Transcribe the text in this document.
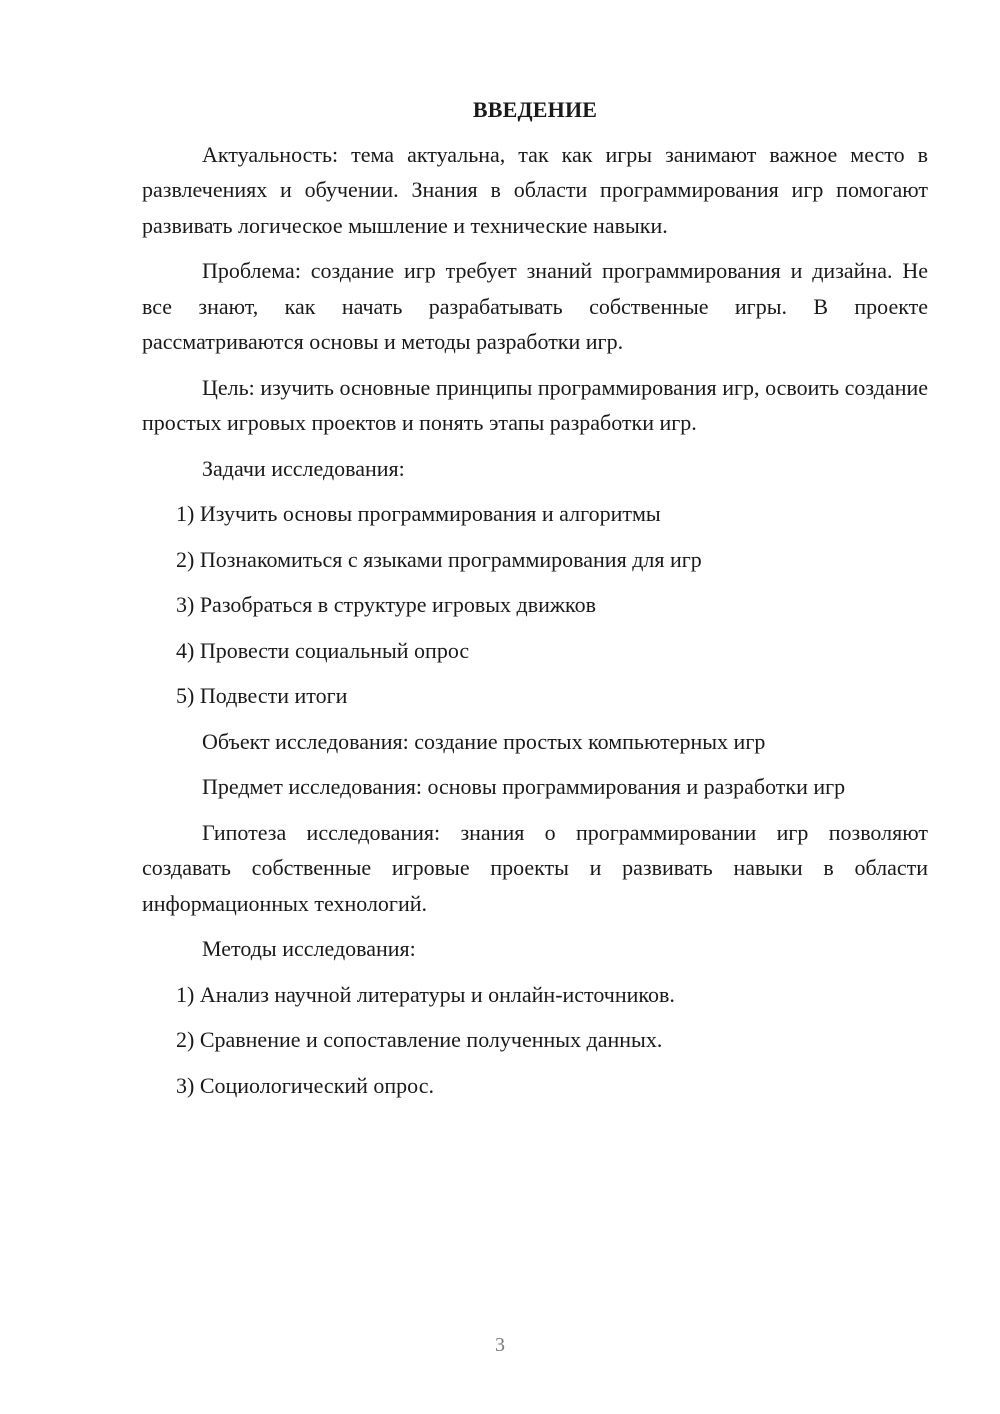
ВВЕДЕНИЕ

Актуальность: тема актуальна, так как игры занимают важное место в развлечениях и обучении. Знания в области программирования игр помогают развивать логическое мышление и технические навыки.

Проблема: создание игр требует знаний программирования и дизайна. Не все знают, как начать разрабатывать собственные игры. В проекте рассматриваются основы и методы разработки игр.

Цель: изучить основные принципы программирования игр, освоить создание простых игровых проектов и понять этапы разработки игр.

Задачи исследования:
1) Изучить основы программирования и алгоритмы
2) Познакомиться с языками программирования для игр
3) Разобраться в структуре игровых движков
4) Провести социальный опрос
5) Подвести итоги
Объект исследования: создание простых компьютерных игр

Предмет исследования: основы программирования и разработки игр

Гипотеза исследования: знания о программировании игр позволяют создавать собственные игровые проекты и развивать навыки в области информационных технологий.

Методы исследования:
1) Анализ научной литературы и онлайн-источников.
2) Сравнение и сопоставление полученных данных.
3) Социологический опрос.
3
